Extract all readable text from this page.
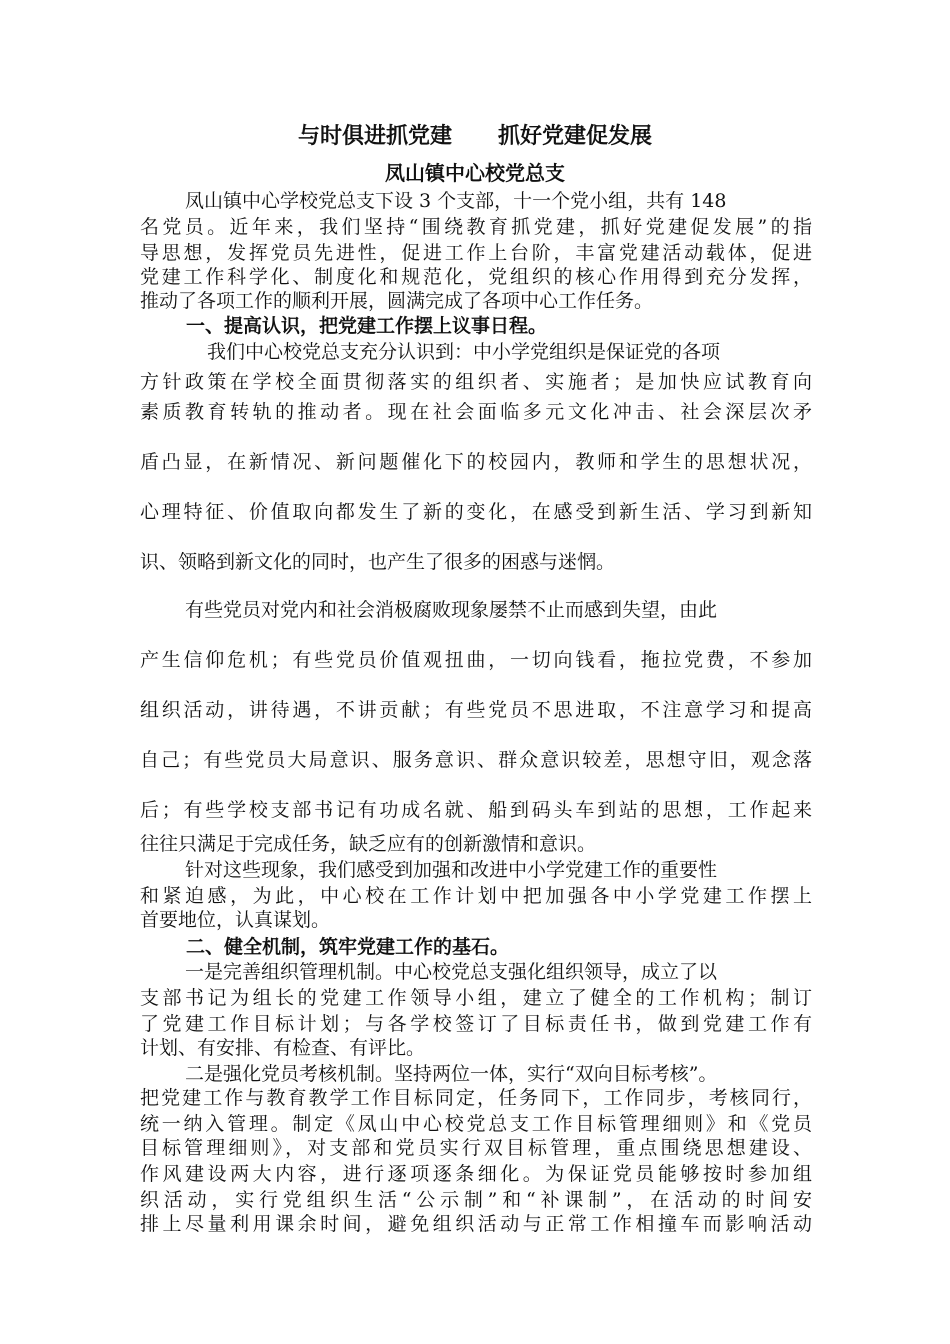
与时俱进抓党建      抓好党建促发展
凤山镇中心校党总支
凤山镇中心学校党总支下设 3 个支部，十一个党小组，共有 148
名党员。近年来，我们坚持“围绕教育抓党建，抓好党建促发展”的指
导思想，发挥党员先进性，促进工作上台阶，丰富党建活动载体，促进
党建工作科学化、制度化和规范化，党组织的核心作用得到充分发挥，
推动了各项工作的顺利开展，圆满完成了各项中心工作任务。
一、提高认识，把党建工作摆上议事日程。
我们中心校党总支充分认识到：中小学党组织是保证党的各项
方针政策在学校全面贯彻落实的组织者、实施者；是加快应试教育向
素质教育转轨的推动者。现在社会面临多元文化冲击、社会深层次矛
盾凸显，在新情况、新问题催化下的校园内，教师和学生的思想状况，
心理特征、价值取向都发生了新的变化，在感受到新生活、学习到新知
识、领略到新文化的同时，也产生了很多的困惑与迷惘。
有些党员对党内和社会消极腐败现象屡禁不止而感到失望，由此
产生信仰危机；有些党员价值观扭曲，一切向钱看，拖拉党费，不参加
组织活动，讲待遇，不讲贡献；有些党员不思进取，不注意学习和提高
自己；有些党员大局意识、服务意识、群众意识较差，思想守旧，观念落
后；有些学校支部书记有功成名就、船到码头车到站的思想，工作起来
往往只满足于完成任务，缺乏应有的创新激情和意识。
针对这些现象，我们感受到加强和改进中小学党建工作的重要性
和紧迫感，为此，中心校在工作计划中把加强各中小学党建工作摆上
首要地位，认真谋划。
二、健全机制，筑牢党建工作的基石。
一是完善组织管理机制。中心校党总支强化组织领导，成立了以
支部书记为组长的党建工作领导小组，建立了健全的工作机构；制订
了党建工作目标计划；与各学校签订了目标责任书，做到党建工作有
计划、有安排、有检查、有评比。
二是强化党员考核机制。坚持两位一体，实行“双向目标考核”。
把党建工作与教育教学工作目标同定，任务同下，工作同步，考核同行，
统一纳入管理。制定《凤山中心校党总支工作目标管理细则》和《党员
目标管理细则》，对支部和党员实行双目标管理，重点围绕思想建设、
作风建设两大内容，进行逐项逐条细化。为保证党员能够按时参加组
织活动，实行党组织生活“公示制”和“补课制”，在活动的时间安
排上尽量利用课余时间，避免组织活动与正常工作相撞车而影响活动
